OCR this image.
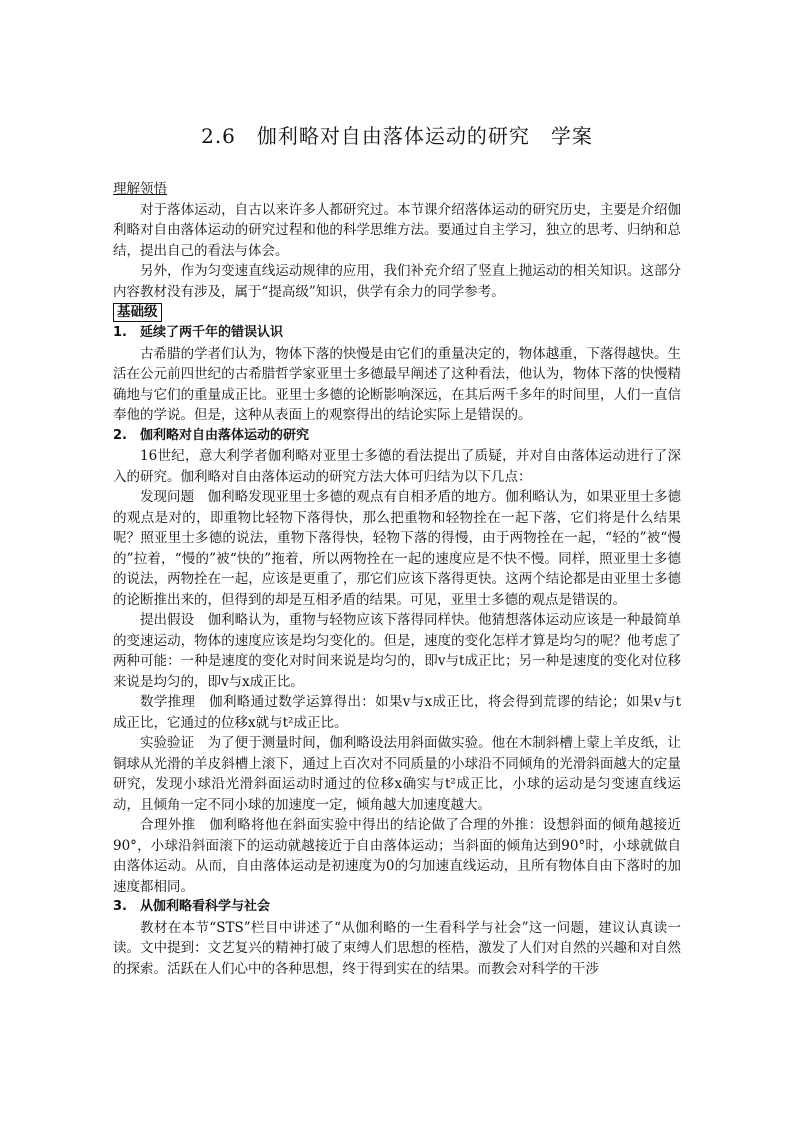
2.6　伽利略对自由落体运动的研究　学案
理解领悟

对于落体运动，自古以来许多人都研究过。本节课介绍落体运动的研究历史，主要是介绍伽利略对自由落体运动的研究过程和他的科学思维方法。要通过自主学习，独立的思考、归纳和总结，提出自己的看法与体会。

另外，作为匀变速直线运动规律的应用，我们补充介绍了竖直上抛运动的相关知识。这部分内容教材没有涉及，属于“提高级”知识，供学有余力的同学参考。

基础级

1. 延续了两千年的错误认识

古希腊的学者们认为，物体下落的快慢是由它们的重量决定的，物体越重，下落得越快。生活在公元前四世纪的古希腊哲学家亚里士多德最早阐述了这种看法，他认为，物体下落的快慢精确地与它们的重量成正比。亚里士多德的论断影响深远，在其后两千多年的时间里，人们一直信奉他的学说。但是，这种从表面上的观察得出的结论实际上是错误的。

2. 伽利略对自由落体运动的研究

16世纪，意大利学者伽利略对亚里士多德的看法提出了质疑，并对自由落体运动进行了深入的研究。伽利略对自由落体运动的研究方法大体可归结为以下几点：

发现问题　伽利略发现亚里士多德的观点有自相矛盾的地方。伽利略认为，如果亚里士多德的观点是对的，即重物比轻物下落得快，那么把重物和轻物拴在一起下落，它们将是什么结果呢？照亚里士多德的说法，重物下落得快，轻物下落的得慢，由于两物拴在一起，“轻的”被“慢的”拉着，“慢的”被“快的”拖着，所以两物拴在一起的速度应是不快不慢。同样，照亚里士多德的说法，两物拴在一起，应该是更重了，那它们应该下落得更快。这两个结论都是由亚里士多德的论断推出来的，但得到的却是互相矛盾的结果。可见，亚里士多德的观点是错误的。

提出假设　伽利略认为，重物与轻物应该下落得同样快。他猜想落体运动应该是一种最简单的变速运动，物体的速度应该是均匀变化的。但是，速度的变化怎样才算是均匀的呢？他考虑了两种可能：一种是速度的变化对时间来说是均匀的，即v与t成正比；另一种是速度的变化对位移来说是均匀的，即v与x成正比。

数学推理　伽利略通过数学运算得出：如果v与x成正比，将会得到荒谬的结论；如果v与t成正比，它通过的位移x就与t²成正比。

实验验证　为了便于测量时间，伽利略设法用斜面做实验。他在木制斜槽上蒙上羊皮纸，让铜球从光滑的羊皮斜槽上滚下，通过上百次对不同质量的小球沿不同倾角的光滑斜面越大的定量研究，发现小球沿光滑斜面运动时通过的位移x确实与t²成正比，小球的运动是匀变速直线运动，且倾角一定不同小球的加速度一定，倾角越大加速度越大。

合理外推　伽利略将他在斜面实验中得出的结论做了合理的外推：设想斜面的倾角越接近90°，小球沿斜面滚下的运动就越接近于自由落体运动；当斜面的倾角达到90°时，小球就做自由落体运动。从而，自由落体运动是初速度为0的匀加速直线运动，且所有物体自由下落时的加速度都相同。

3. 从伽利略看科学与社会

教材在本节“STS”栏目中讲述了“从伽利略的一生看科学与社会”这一问题，建议认真读一读。文中提到：文艺复兴的精神打破了束缚人们思想的桎梏，激发了人们对自然的兴趣和对自然的探索。活跃在人们心中的各种思想，终于得到实在的结果。而教会对科学的干涉
